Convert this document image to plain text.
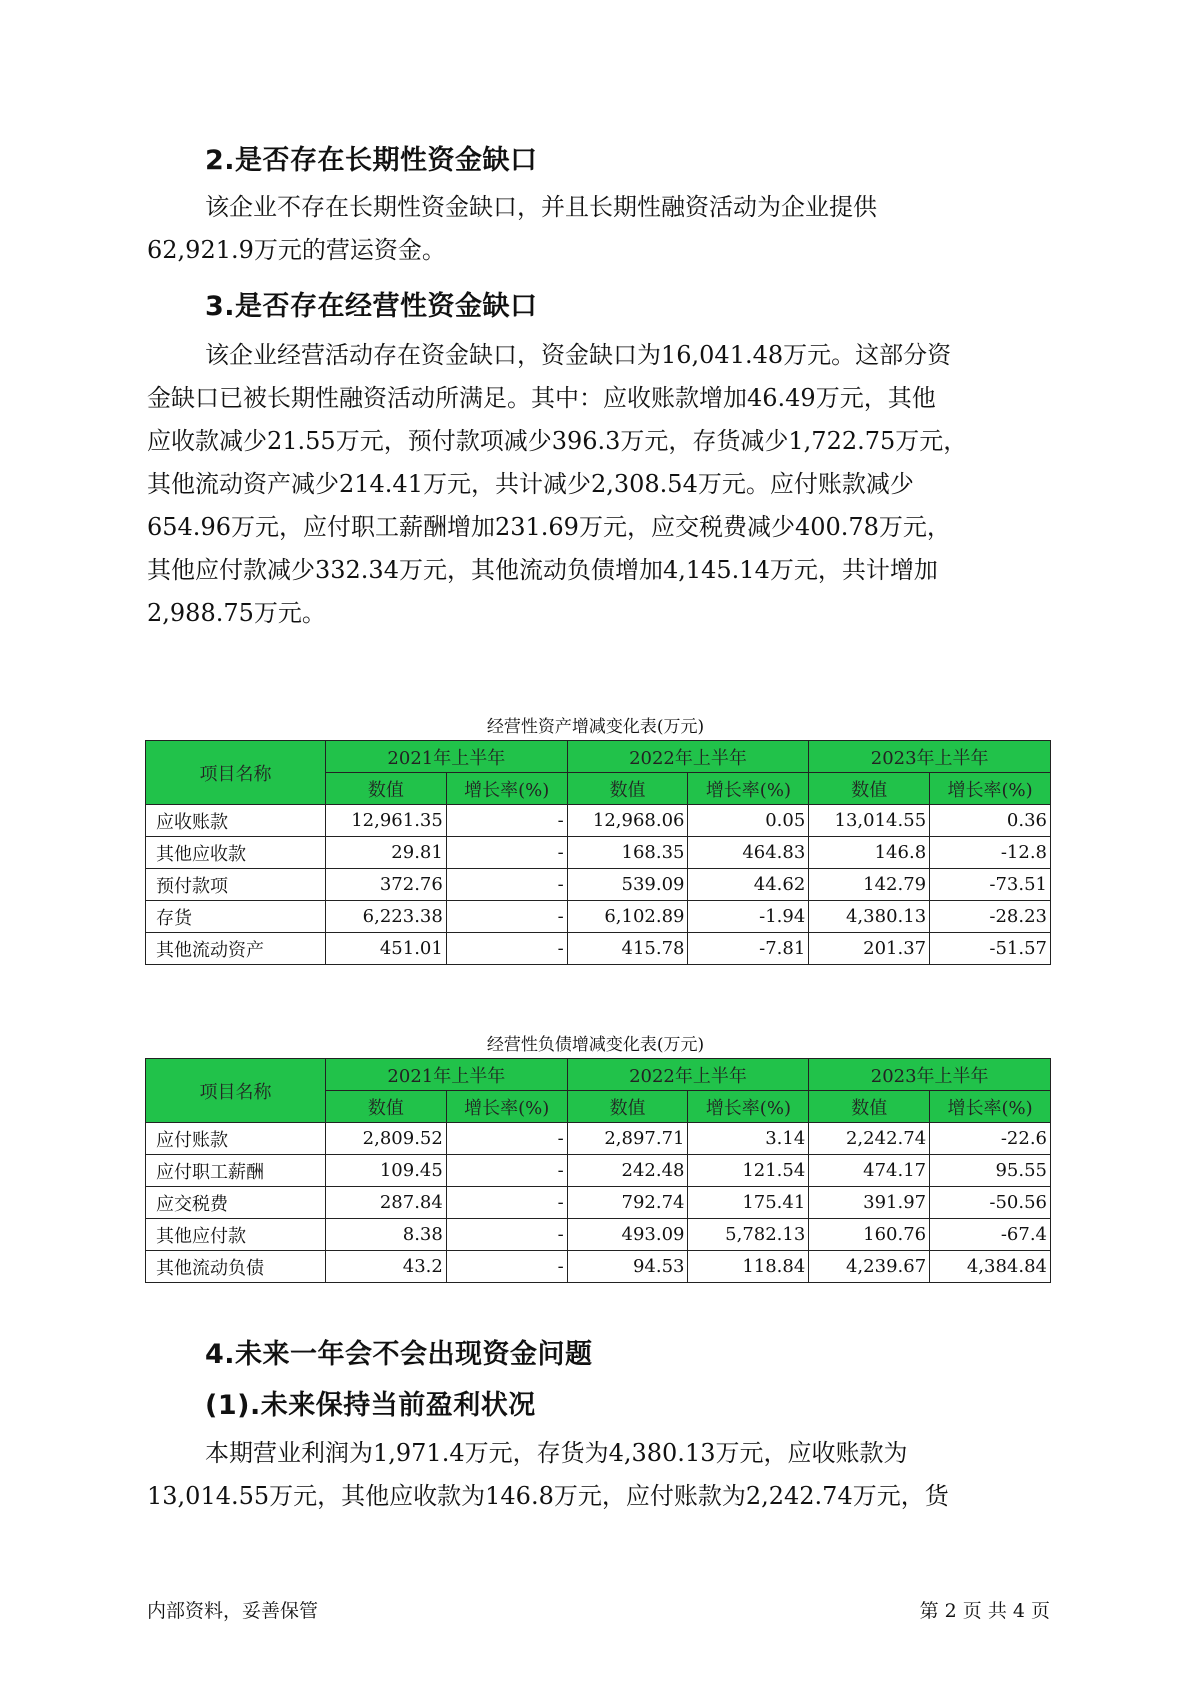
2.是否存在长期性资金缺口

该企业不存在长期性资金缺口，并且长期性融资活动为企业提供
62,921.9万元的营运资金。

3.是否存在经营性资金缺口

该企业经营活动存在资金缺口，资金缺口为16,041.48万元。这部分资
金缺口已被长期性融资活动所满足。其中：应收账款增加46.49万元，其他
应收款减少21.55万元，预付款项减少396.3万元，存货减少1,722.75万元，
其他流动资产减少214.41万元，共计减少2,308.54万元。应付账款减少
654.96万元，应付职工薪酬增加231.69万元，应交税费减少400.78万元，
其他应付款减少332.34万元，其他流动负债增加4,145.14万元，共计增加
2,988.75万元。

经营性资产增减变化表(万元)
项目名称	2021年上半年		2022年上半年		2023年上半年	
	数值	增长率(%)	数值	增长率(%)	数值	增长率(%)
应收账款	12,961.35	-	12,968.06	0.05	13,014.55	0.36
其他应收款	29.81	-	168.35	464.83	146.8	-12.8
预付款项	372.76	-	539.09	44.62	142.79	-73.51
存货	6,223.38	-	6,102.89	-1.94	4,380.13	-28.23
其他流动资产	451.01	-	415.78	-7.81	201.37	-51.57
经营性负债增减变化表(万元)
项目名称	2021年上半年		2022年上半年		2023年上半年	
	数值	增长率(%)	数值	增长率(%)	数值	增长率(%)
应付账款	2,809.52	-	2,897.71	3.14	2,242.74	-22.6
应付职工薪酬	109.45	-	242.48	121.54	474.17	95.55
应交税费	287.84	-	792.74	175.41	391.97	-50.56
其他应付款	8.38	-	493.09	5,782.13	160.76	-67.4
其他流动负债	43.2	-	94.53	118.84	4,239.67	4,384.84
4.未来一年会不会出现资金问题
(1).未来保持当前盈利状况

本期营业利润为1,971.4万元，存货为4,380.13万元，应收账款为
13,014.55万元，其他应收款为146.8万元，应付账款为2,242.74万元，货

内部资料，妥善保管	第 2 页 共 4 页
